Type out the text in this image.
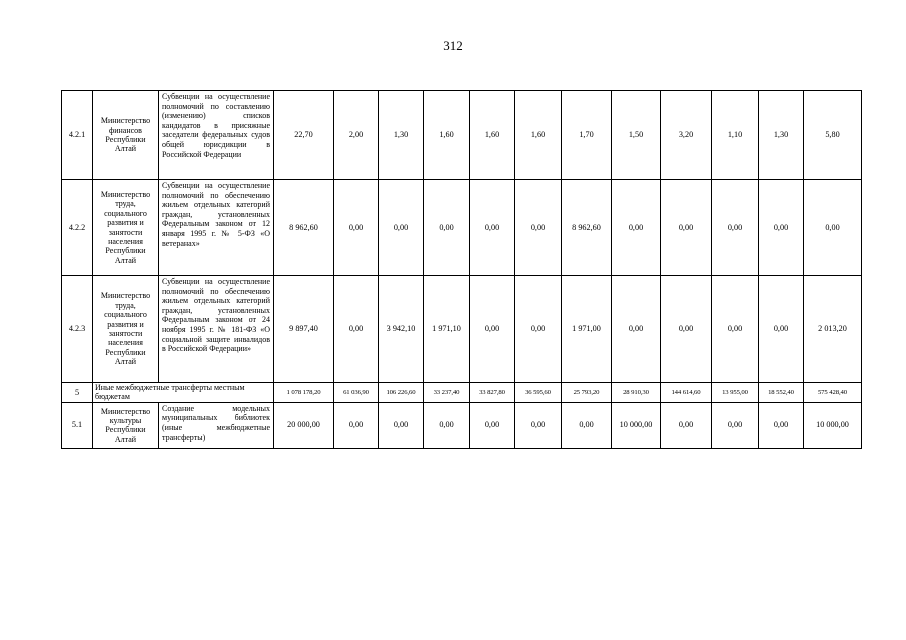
312
4.2.1	Министерство финансов Республики Алтай	Субвенции на осуществление полномочий по составлению (изменению) списков кандидатов в присяжные заседатели федеральных судов общей юрисдикции в Российской Федерации	22,70	2,00	1,30	1,60	1,60	1,60	1,70	1,50	3,20	1,10	1,30	5,80
4.2.2	Министерство труда, социального развития и занятости населения Республики Алтай	Субвенции на осуществление полномочий по обеспечению жильем отдельных категорий граждан, установленных Федеральным законом от 12 января 1995 г. № 5-ФЗ «О ветеранах»	8 962,60	0,00	0,00	0,00	0,00	0,00	8 962,60	0,00	0,00	0,00	0,00	0,00
4.2.3	Министерство труда, социального развития и занятости населения Республики Алтай	Субвенции на осуществление полномочий по обеспечению жильем отдельных категорий граждан, установленных Федеральным законом от 24 ноября 1995 г. № 181-ФЗ «О социальной защите инвалидов в Российской Федерации»	9 897,40	0,00	3 942,10	1 971,10	0,00	0,00	1 971,00	0,00	0,00	0,00	0,00	2 013,20
5	Иные межбюджетные трансферты местным бюджетам		1 078 178,20	61 036,90	106 226,60	33 237,40	33 827,80	36 595,60	25 793,20	28 910,30	144 614,60	13 955,00	18 552,40	575 428,40
5.1	Министерство культуры Республики Алтай	Создание модельных муниципальных библиотек (иные межбюджетные трансферты)	20 000,00	0,00	0,00	0,00	0,00	0,00	0,00	10 000,00	0,00	0,00	0,00	10 000,00
